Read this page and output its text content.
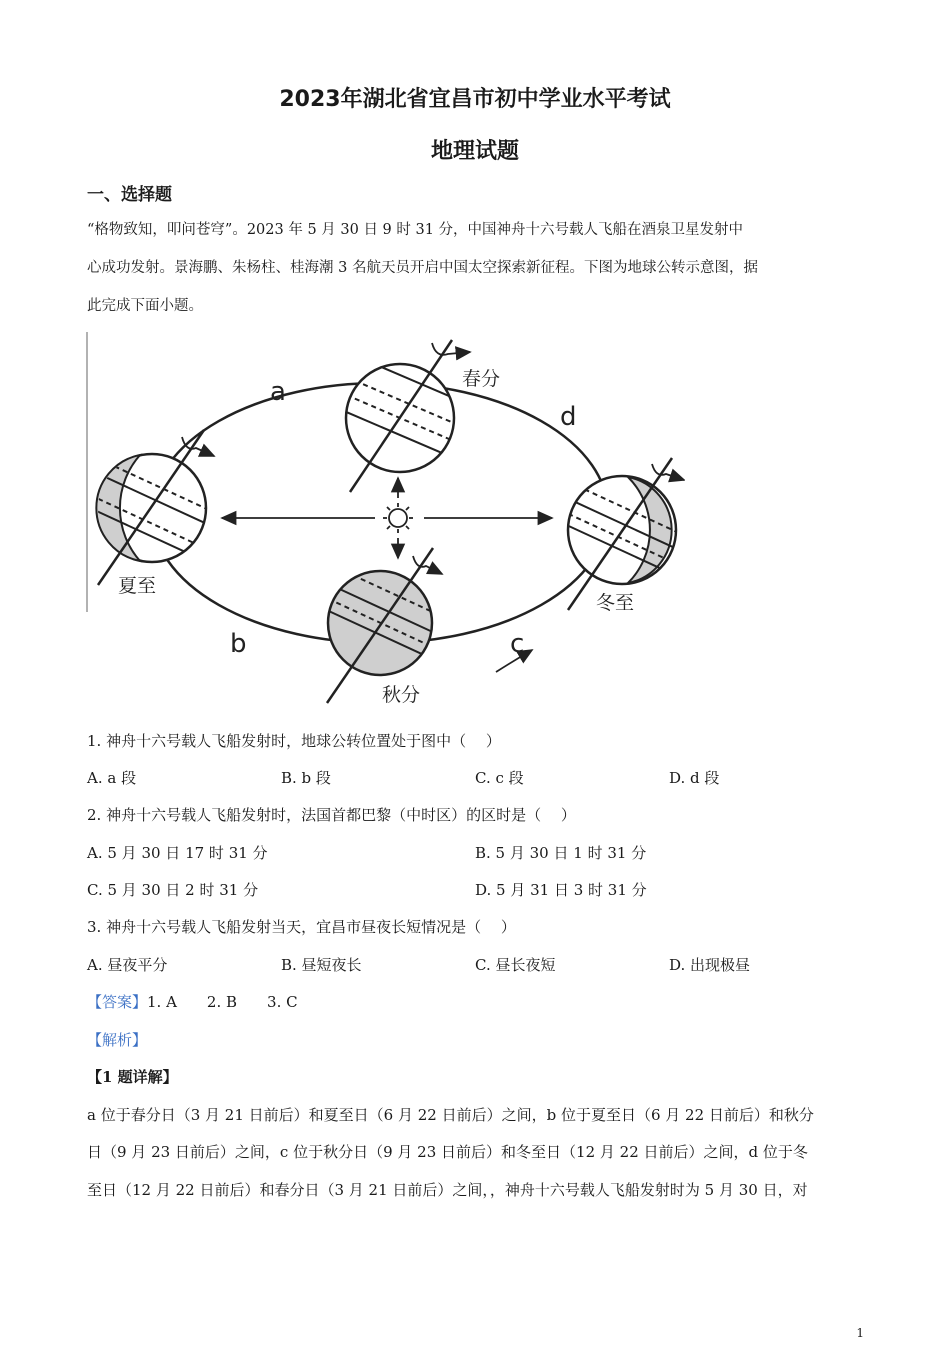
2023年湖北省宜昌市初中学业水平考试
地理试题
一、选择题
“格物致知，叩问苍穹”。2023 年 5 月 30 日 9 时 31 分，中国神舟十六号载人飞船在酒泉卫星发射中
心成功发射。景海鹏、朱杨柱、桂海潮 3 名航天员开启中国太空探索新征程。下图为地球公转示意图，据
此完成下面小题。
a
b	c
d
春分
夏至
秋分
冬至
1. 神舟十六号载人飞船发射时，地球公转位置处于图中（　 ）
A. a 段	B. b 段	C. c 段	D. d 段
2. 神舟十六号载人飞船发射时，法国首都巴黎（中时区）的区时是（　 ）
A. 5 月 30 日 17 时 31 分	B. 5 月 30 日 1 时 31 分
C. 5 月 30 日 2 时 31 分	D. 5 月 31 日 3 时 31 分
3. 神舟十六号载人飞船发射当天，宜昌市昼夜长短情况是（　 ）
A. 昼夜平分	B. 昼短夜长	C. 昼长夜短	D. 出现极昼
【答案】1. A　　2. B　　3. C
【解析】
【1 题详解】
a 位于春分日（3 月 21 日前后）和夏至日（6 月 22 日前后）之间，b 位于夏至日（6 月 22 日前后）和秋分
日（9 月 23 日前后）之间，c 位于秋分日（9 月 23 日前后）和冬至日（12 月 22 日前后）之间，d 位于冬
至日（12 月 22 日前后）和春分日（3 月 21 日前后）之间，，神舟十六号载人飞船发射时为 5 月 30 日，对
1
